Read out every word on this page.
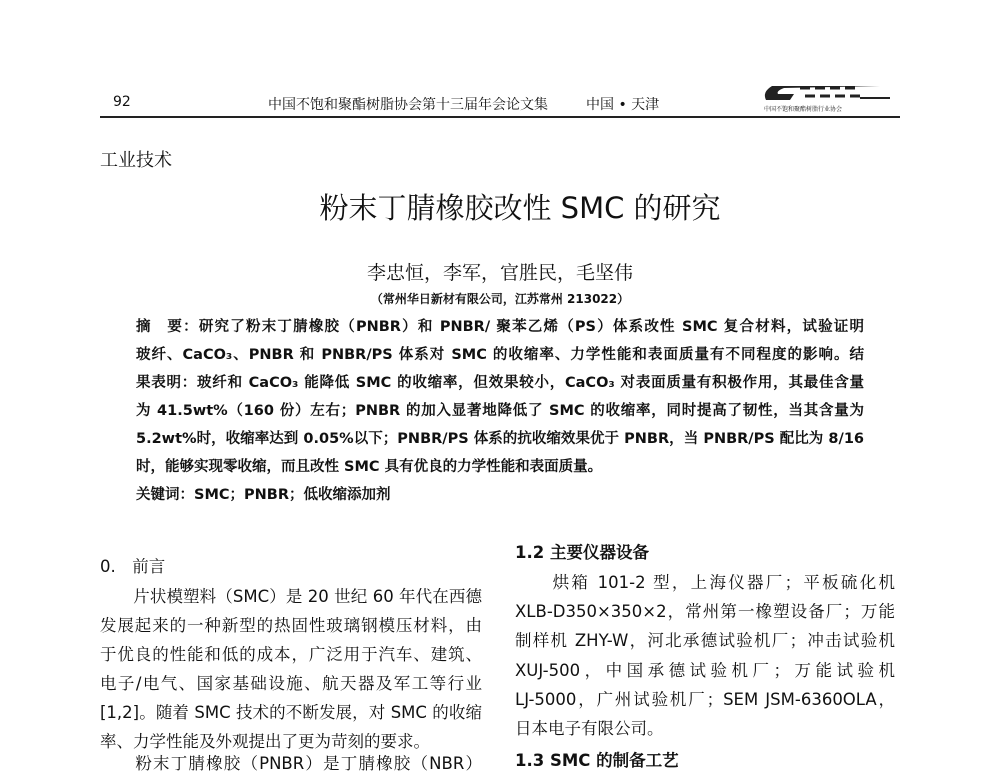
92	中国不饱和聚酯树脂协会第十三届年会论文集	中国 • 天津	中国不饱和聚酯树脂行业协会
工业技术
粉末丁腈橡胶改性 SMC 的研究
李忠恒，李军，官胜民，毛坚伟
（常州华日新材有限公司，江苏常州 213022）
摘　要：研究了粉末丁腈橡胶（PNBR）和 PNBR/ 聚苯乙烯（PS）体系改性 SMC 复合材料，试验证明
玻纤、CaCO₃、PNBR 和 PNBR/PS 体系对 SMC 的收缩率、力学性能和表面质量有不同程度的影响。结
果表明：玻纤和 CaCO₃ 能降低 SMC 的收缩率，但效果较小，CaCO₃ 对表面质量有积极作用，其最佳含量
为 41.5wt%（160 份）左右；PNBR 的加入显著地降低了 SMC 的收缩率，同时提高了韧性，当其含量为
5.2wt%时，收缩率达到 0.05%以下；PNBR/PS 体系的抗收缩效果优于 PNBR，当 PNBR/PS 配比为 8/16
时，能够实现零收缩，而且改性 SMC 具有优良的力学性能和表面质量。
关键词：SMC；PNBR；低收缩添加剂
0.　前言
　　片状模塑料（SMC）是 20 世纪 60 年代在西德
发展起来的一种新型的热固性玻璃钢模压材料，由
于优良的性能和低的成本，广泛用于汽车、建筑、
电子/电气、国家基础设施、航天器及军工等行业
[1,2]。随着 SMC 技术的不断发展，对 SMC 的收缩
率、力学性能及外观提出了更为苛刻的要求。
　　粉末丁腈橡胶（PNBR）是丁腈橡胶（NBR）
1.2 主要仪器设备
　　烘箱 101-2 型，上海仪器厂；平板硫化机
XLB-D350×350×2，常州第一橡塑设备厂；万能
制样机 ZHY-W，河北承德试验机厂；冲击试验机
XUJ-500，中国承德试验机厂；万能试验机
LJ-5000，广州试验机厂；SEM JSM-6360OLA，
日本电子有限公司。
1.3 SMC 的制备工艺
